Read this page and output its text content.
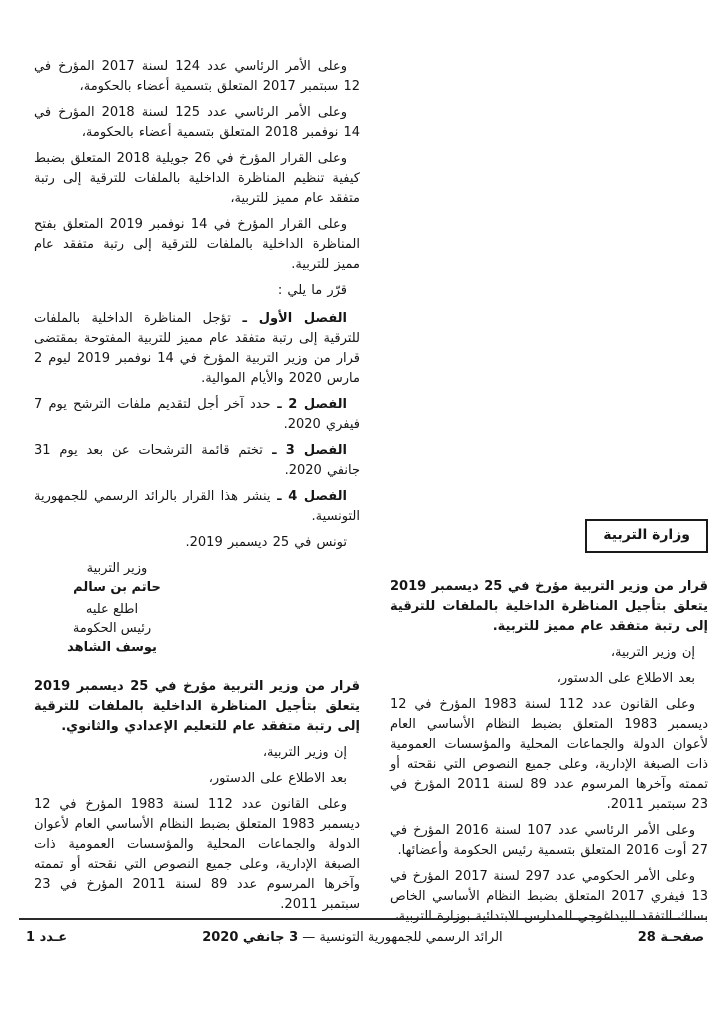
وزارة التربية

قرار من وزير التربية مؤرخ في 25 ديسمبر 2019 يتعلق بتأجيل المناظرة الداخلية بالملفات للترقية إلى رتبة متفقد عام مميز للتربية.

إن وزير التربية،

بعد الاطلاع على الدستور،

وعلى القانون عدد 112 لسنة 1983 المؤرخ في 12 ديسمبر 1983 المتعلق بضبط النظام الأساسي العام لأعوان الدولة والجماعات المحلية والمؤسسات العمومية ذات الصبغة الإدارية، وعلى جميع النصوص التي نقحته أو تممته وآخرها المرسوم عدد 89 لسنة 2011 المؤرخ في 23 سبتمبر 2011.

وعلى الأمر الرئاسي عدد 107 لسنة 2016 المؤرخ في 27 أوت 2016 المتعلق بتسمية رئيس الحكومة وأعضائها.

وعلى الأمر الحكومي عدد 297 لسنة 2017 المؤرخ في 13 فيفري 2017 المتعلق بضبط النظام الأساسي الخاص بسلك التفقد البيداغوجي للمدارس الابتدائية بوزارة التربية،

وعلى الأمر الرئاسي عدد 124 لسنة 2017 المؤرخ في 12 سبتمبر 2017 المتعلق بتسمية أعضاء بالحكومة،

وعلى الأمر الرئاسي عدد 125 لسنة 2018 المؤرخ في 14 نوفمبر 2018 المتعلق بتسمية أعضاء بالحكومة،

وعلى القرار المؤرخ في 26 جويلية 2018 المتعلق بضبط كيفية تنظيم المناظرة الداخلية بالملفات للترقية إلى رتبة متفقد عام مميز للتربية،

وعلى القرار المؤرخ في 14 نوفمبر 2019 المتعلق بفتح المناظرة الداخلية بالملفات للترقية إلى رتبة متفقد عام مميز للتربية.

قرّر ما يلي :

الفصل الأول ـ تؤجل المناظرة الداخلية بالملفات للترقية إلى رتبة متفقد عام مميز للتربية المفتوحة بمقتضى قرار من وزير التربية المؤرخ في 14 نوفمبر 2019 ليوم 2 مارس 2020 والأيام الموالية.

الفصل 2 ـ حدد آخر أجل لتقديم ملفات الترشح يوم 7 فيفري 2020.

الفصل 3 ـ تختم قائمة الترشحات عن بعد يوم 31 جانفي 2020.

الفصل 4 ـ ينشر هذا القرار بالرائد الرسمي للجمهورية التونسية.

تونس في 25 ديسمبر 2019.

وزير التربية
حاتم بن سالم
اطلع عليه
رئيس الحكومة
يوسف الشاهد

قرار من وزير التربية مؤرخ في 25 ديسمبر 2019 يتعلق بتأجيل المناظرة الداخلية بالملفات للترقية إلى رتبة متفقد عام للتعليم الإعدادي والثانوي.

إن وزير التربية،

بعد الاطلاع على الدستور،

وعلى القانون عدد 112 لسنة 1983 المؤرخ في 12 ديسمبر 1983 المتعلق بضبط النظام الأساسي العام لأعوان الدولة والجماعات المحلية والمؤسسات العمومية ذات الصبغة الإدارية، وعلى جميع النصوص التي نقحته أو تممته وآخرها المرسوم عدد 89 لسنة 2011 المؤرخ في 23 سبتمبر 2011.

صفحـة 28
الرائد الرسمي للجمهورية التونسية — 3 جانفي 2020
عـدد 1
